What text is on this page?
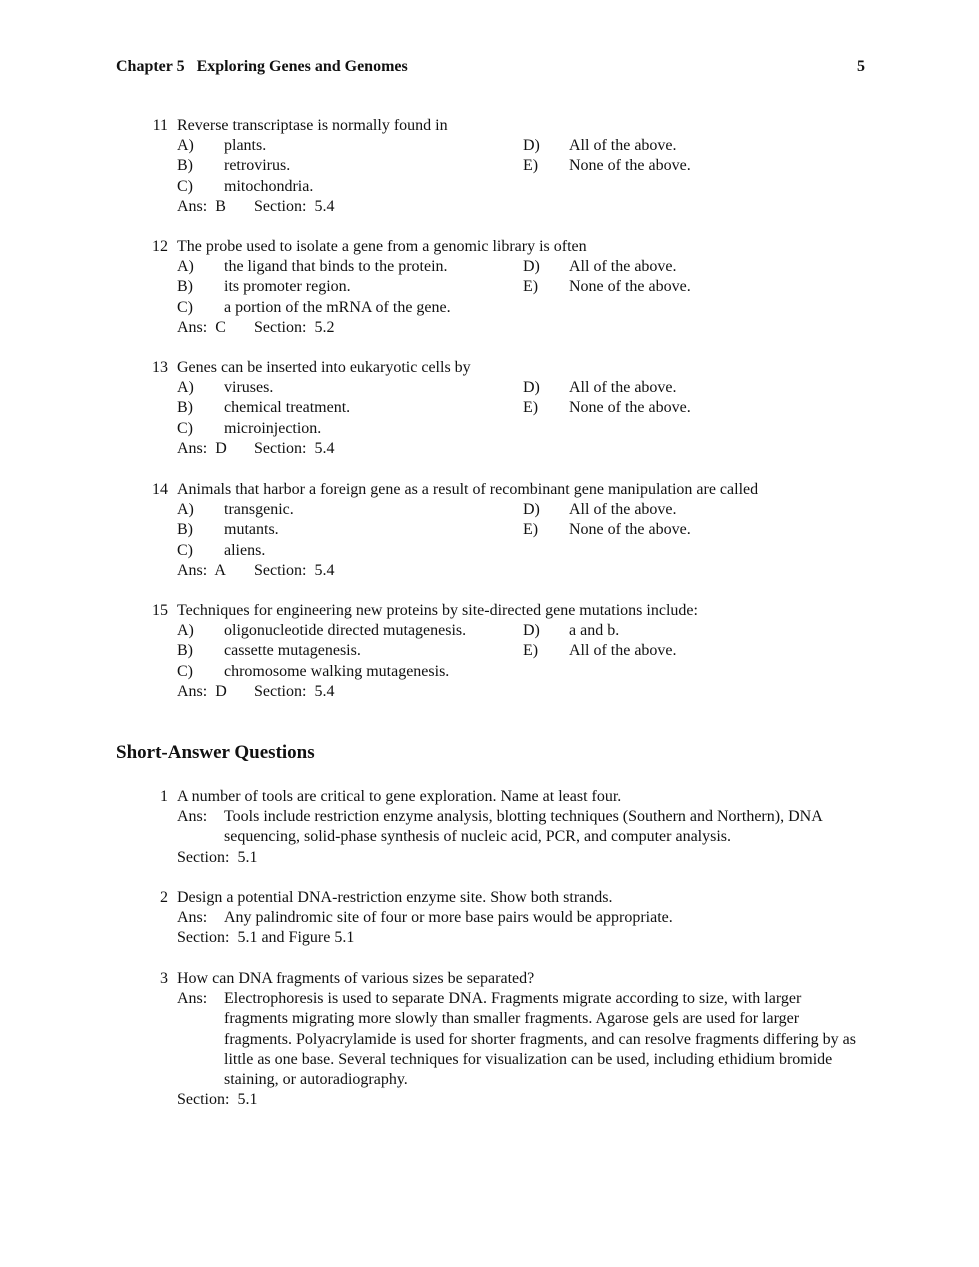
Chapter 5   Exploring Genes and Genomes	5
11 Reverse transcriptase is normally found in
A) plants.	D) All of the above.
B) retrovirus.	E) None of the above.
C) mitochondria.
Ans:  B Section:  5.4
12 The probe used to isolate a gene from a genomic library is often
A) the ligand that binds to the protein.	D) All of the above.
B) its promoter region.	E) None of the above.
C) a portion of the mRNA of the gene.
Ans:  C Section:  5.2
13 Genes can be inserted into eukaryotic cells by
A) viruses.	D) All of the above.
B) chemical treatment.	E) None of the above.
C) microinjection.
Ans:  D Section:  5.4
14 Animals that harbor a foreign gene as a result of recombinant gene manipulation are called
A) transgenic.	D) All of the above.
B) mutants.	E) None of the above.
C) aliens.
Ans:  A Section:  5.4
15 Techniques for engineering new proteins by site-directed gene mutations include:
A) oligonucleotide directed mutagenesis.	D) a and b.
B) cassette mutagenesis.	E) All of the above.
C) chromosome walking mutagenesis.
Ans:  D Section:  5.4
Short-Answer Questions
1 A number of tools are critical to gene exploration. Name at least four.
Ans: Tools include restriction enzyme analysis, blotting techniques (Southern and Northern), DNA sequencing, solid-phase synthesis of nucleic acid, PCR, and computer analysis.
Section:  5.1
2 Design a potential DNA-restriction enzyme site. Show both strands.
Ans: Any palindromic site of four or more base pairs would be appropriate.
Section:  5.1 and Figure 5.1
3 How can DNA fragments of various sizes be separated?
Ans: Electrophoresis is used to separate DNA. Fragments migrate according to size, with larger fragments migrating more slowly than smaller fragments. Agarose gels are used for larger fragments. Polyacrylamide is used for shorter fragments, and can resolve fragments differing by as little as one base. Several techniques for visualization can be used, including ethidium bromide staining, or autoradiography.
Section:  5.1
